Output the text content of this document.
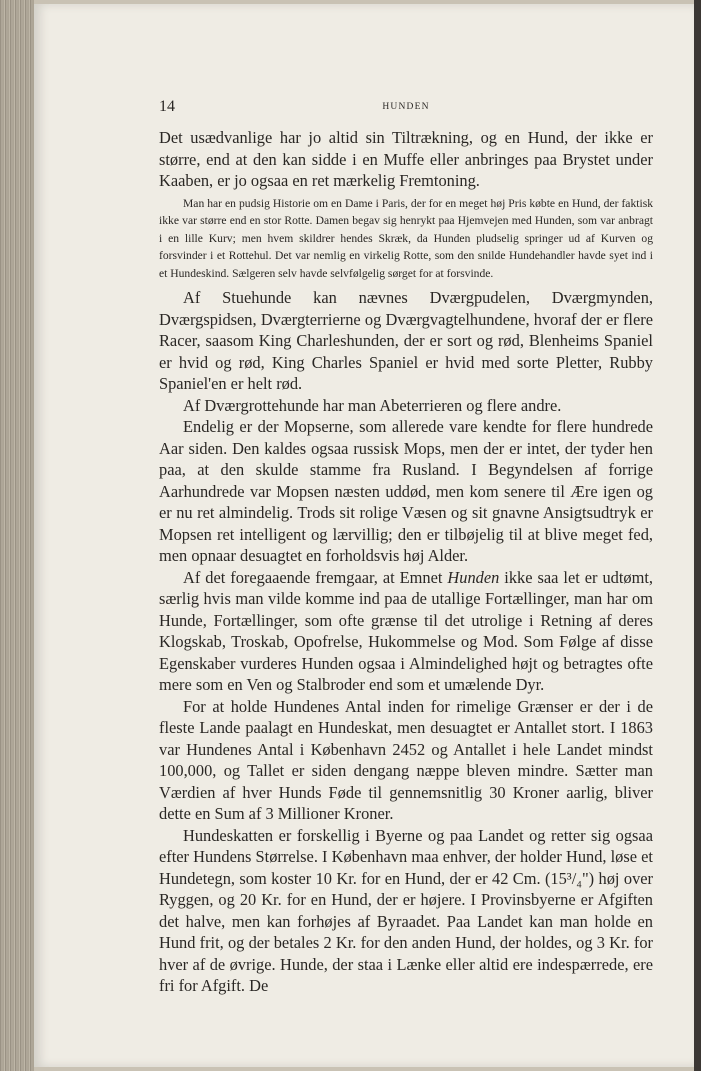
14	HUNDEN

Det usædvanlige har jo altid sin Tiltrækning, og en Hund, der ikke er større, end at den kan sidde i en Muffe eller anbringes paa Brystet under Kaaben, er jo ogsaa en ret mærkelig Fremtoning.

Man har en pudsig Historie om en Dame i Paris, der for en meget høj Pris købte en Hund, der faktisk ikke var større end en stor Rotte. Damen begav sig henrykt paa Hjemvejen med Hunden, som var anbragt i en lille Kurv; men hvem skildrer hendes Skræk, da Hunden pludselig springer ud af Kurven og forsvinder i et Rottehul. Det var nemlig en virkelig Rotte, som den snilde Hundehandler havde syet ind i et Hundeskind. Sælgeren selv havde selvfølgelig sørget for at forsvinde.

Af Stuehunde kan nævnes Dværgpudelen, Dværgmynden, Dværgspidsen, Dværgterrierne og Dværgvagtelhundene, hvoraf der er flere Racer, saasom King Charleshunden, der er sort og rød, Blenheims Spaniel er hvid og rød, King Charles Spaniel er hvid med sorte Pletter, Rubby Spaniel'en er helt rød.

Af Dværgrottehunde har man Abeterrieren og flere andre.

Endelig er der Mopserne, som allerede vare kendte for flere hundrede Aar siden. Den kaldes ogsaa russisk Mops, men der er intet, der tyder hen paa, at den skulde stamme fra Rusland. I Begyndelsen af forrige Aarhundrede var Mopsen næsten uddød, men kom senere til Ære igen og er nu ret almindelig. Trods sit rolige Væsen og sit gnavne Ansigtsudtryk er Mopsen ret intelligent og lærvillig; den er tilbøjelig til at blive meget fed, men opnaar desuagtet en forholdsvis høj Alder.

Af det foregaaende fremgaar, at Emnet Hunden ikke saa let er udtømt, særlig hvis man vilde komme ind paa de utallige Fortællinger, man har om Hunde, Fortællinger, som ofte grænse til det utrolige i Retning af deres Klogskab, Troskab, Opofrelse, Hukommelse og Mod. Som Følge af disse Egenskaber vurderes Hunden ogsaa i Almindelighed højt og betragtes ofte mere som en Ven og Stalbroder end som et umælende Dyr.

For at holde Hundenes Antal inden for rimelige Grænser er der i de fleste Lande paalagt en Hundeskat, men desuagtet er Antallet stort. I 1863 var Hundenes Antal i København 2452 og Antallet i hele Landet mindst 100,000, og Tallet er siden dengang næppe bleven mindre. Sætter man Værdien af hver Hunds Føde til gennemsnitlig 30 Kroner aarlig, bliver dette en Sum af 3 Millioner Kroner.

Hundeskatten er forskellig i Byerne og paa Landet og retter sig ogsaa efter Hundens Størrelse. I København maa enhver, der holder Hund, løse et Hundetegn, som koster 10 Kr. for en Hund, der er 42 Cm. (15³/₄") høj over Ryggen, og 20 Kr. for en Hund, der er højere. I Provinsbyerne er Afgiften det halve, men kan forhøjes af Byraadet. Paa Landet kan man holde en Hund frit, og der betales 2 Kr. for den anden Hund, der holdes, og 3 Kr. for hver af de øvrige. Hunde, der staa i Lænke eller altid ere indespærrede, ere fri for Afgift. De
